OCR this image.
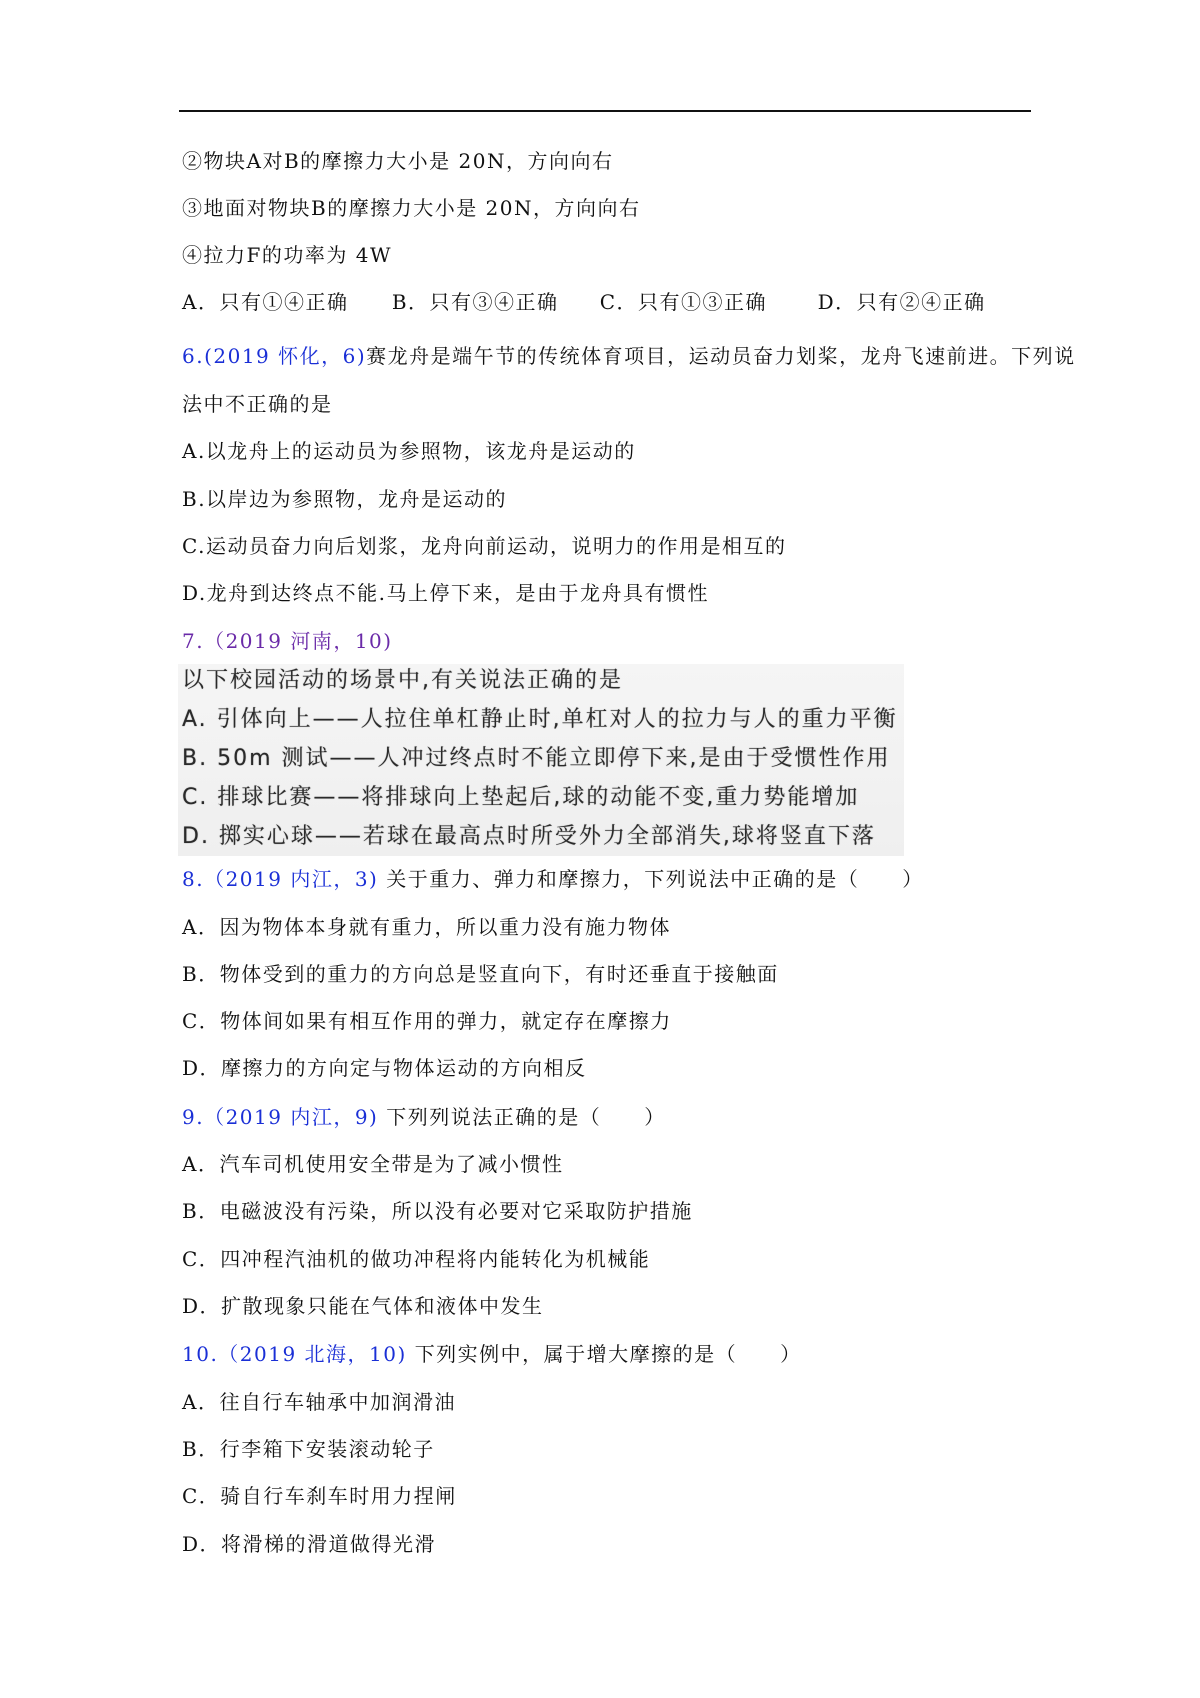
②物块A对B的摩擦力大小是 20N，方向向右
③地面对物块B的摩擦力大小是 20N，方向向右
④拉力F的功率为 4W
A．只有①④正确 B．只有③④正确 C．只有①③正确	D．只有②④正确
6.(2019 怀化，6)赛龙舟是端午节的传统体育项目，运动员奋力划桨，龙舟飞速前进。下列说
法中不正确的是
A.以龙舟上的运动员为参照物，该龙舟是运动的
B.以岸边为参照物，龙舟是运动的
C.运动员奋力向后划浆，龙舟向前运动，说明力的作用是相互的
D.龙舟到达终点不能.马上停下来，是由于龙舟具有惯性
7.（2019 河南，10)
以下校园活动的场景中,有关说法正确的是
A. 引体向上——人拉住单杠静止时,单杠对人的拉力与人的重力平衡
B. 50m 测试——人冲过终点时不能立即停下来,是由于受惯性作用
C. 排球比赛——将排球向上垫起后,球的动能不变,重力势能增加
D. 掷实心球——若球在最高点时所受外力全部消失,球将竖直下落
8.（2019 内江，3) 关于重力、弹力和摩擦力，下列说法中正确的是（　　）
A．因为物体本身就有重力，所以重力没有施力物体
B．物体受到的重力的方向总是竖直向下，有时还垂直于接触面
C．物体间如果有相互作用的弹力，就定存在摩擦力
D．摩擦力的方向定与物体运动的方向相反
9.（2019 内江，9) 下列列说法正确的是（　　）
A．汽车司机使用安全带是为了减小惯性
B．电磁波没有污染，所以没有必要对它采取防护措施
C．四冲程汽油机的做功冲程将内能转化为机械能
D．扩散现象只能在气体和液体中发生
10.（2019 北海，10) 下列实例中，属于增大摩擦的是（　　）
A．往自行车轴承中加润滑油
B．行李箱下安装滚动轮子
C．骑自行车刹车时用力捏闸
D．将滑梯的滑道做得光滑
